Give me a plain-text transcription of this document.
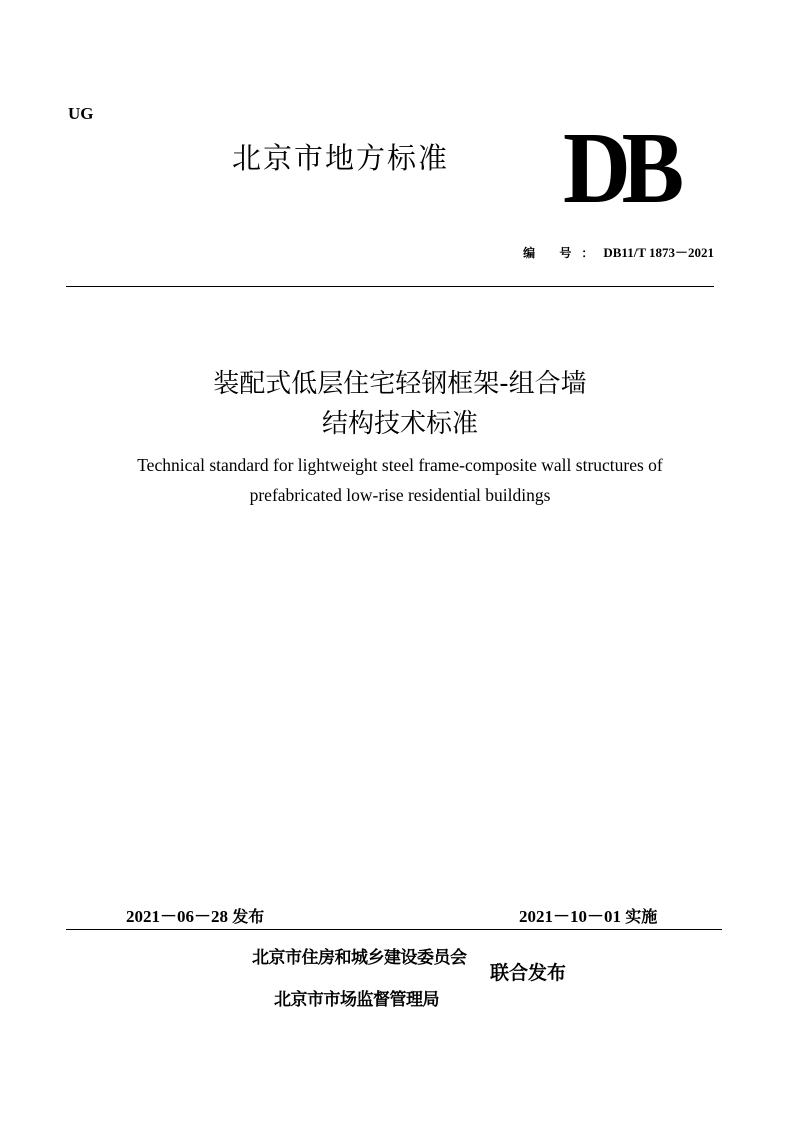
UG
北京市地方标准 DB
编 号：DB11/T 1873－2021
装配式低层住宅轻钢框架-组合墙
结构技术标准

Technical standard for lightweight steel frame-composite wall structures of

prefabricated low-rise residential buildings

2021－06－28 发布	2021－10－01 实施
北京市住房和城乡建设委员会
北京市市场监督管理局
联合发布
